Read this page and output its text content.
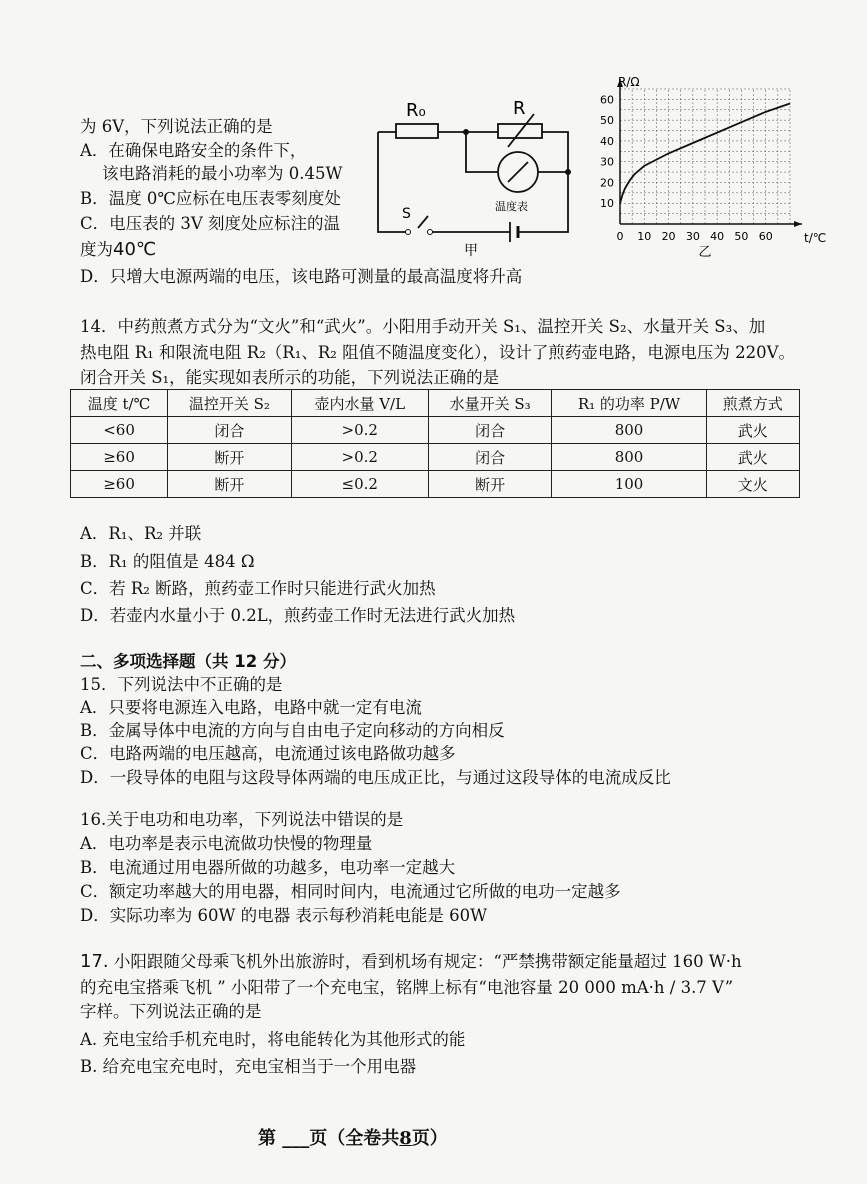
为 6V，下列说法正确的是
A．在确保电路安全的条件下，
该电路消耗的最小功率为 0.45W
B．温度 0℃应标在电压表零刻度处
C．电压表的 3V 刻度处应标注的温
度为40℃
D．只增大电源两端的电压，该电路可测量的最高温度将升高
R₀	R
温度表
S
甲
0 10 20 30 40 50 60
10
20
30
40
50
60
R/Ω
t/℃
乙
14．中药煎煮方式分为“文火”和“武火”。小阳用手动开关 S₁、温控开关 S₂、水量开关 S₃、加
热电阻 R₁ 和限流电阻 R₂（R₁、R₂ 阻值不随温度变化），设计了煎药壶电路，电源电压为 220V。
闭合开关 S₁，能实现如表所示的功能，下列说法正确的是
温度 t/℃	温控开关 S₂	壶内水量 V/L	水量开关 S₃	R₁ 的功率 P/W	煎煮方式
<60	闭合	>0.2	闭合	800	武火
≥60	断开	>0.2	闭合	800	武火
≥60	断开	≤0.2	断开	100	文火
A．R₁、R₂ 并联
B．R₁ 的阻值是 484 Ω
C．若 R₂ 断路，煎药壶工作时只能进行武火加热
D．若壶内水量小于 0.2L，煎药壶工作时无法进行武火加热
二、多项选择题（共 12 分）
15．下列说法中不正确的是
A．只要将电源连入电路，电路中就一定有电流
B．金属导体中电流的方向与自由电子定向移动的方向相反
C．电路两端的电压越高，电流通过该电路做功越多
D．一段导体的电阻与这段导体两端的电压成正比，与通过这段导体的电流成反比
16.关于电功和电功率，下列说法中错误的是
A．电功率是表示电流做功快慢的物理量
B．电流通过用电器所做的功越多，电功率一定越大
C．额定功率越大的用电器，相同时间内，电流通过它所做的电功一定越多
D．实际功率为 60W 的电器 表示每秒消耗电能是 60W
17. 小阳跟随父母乘飞机外出旅游时，看到机场有规定：“严禁携带额定能量超过 160 W·h
的充电宝搭乘飞机 ” 小阳带了一个充电宝，铭牌上标有“电池容量 20 000 mA·h / 3.7 V”
字样。下列说法正确的是
A. 充电宝给手机充电时，将电能转化为其他形式的能
B. 给充电宝充电时，充电宝相当于一个用电器
第 ___页（全卷共8页）
